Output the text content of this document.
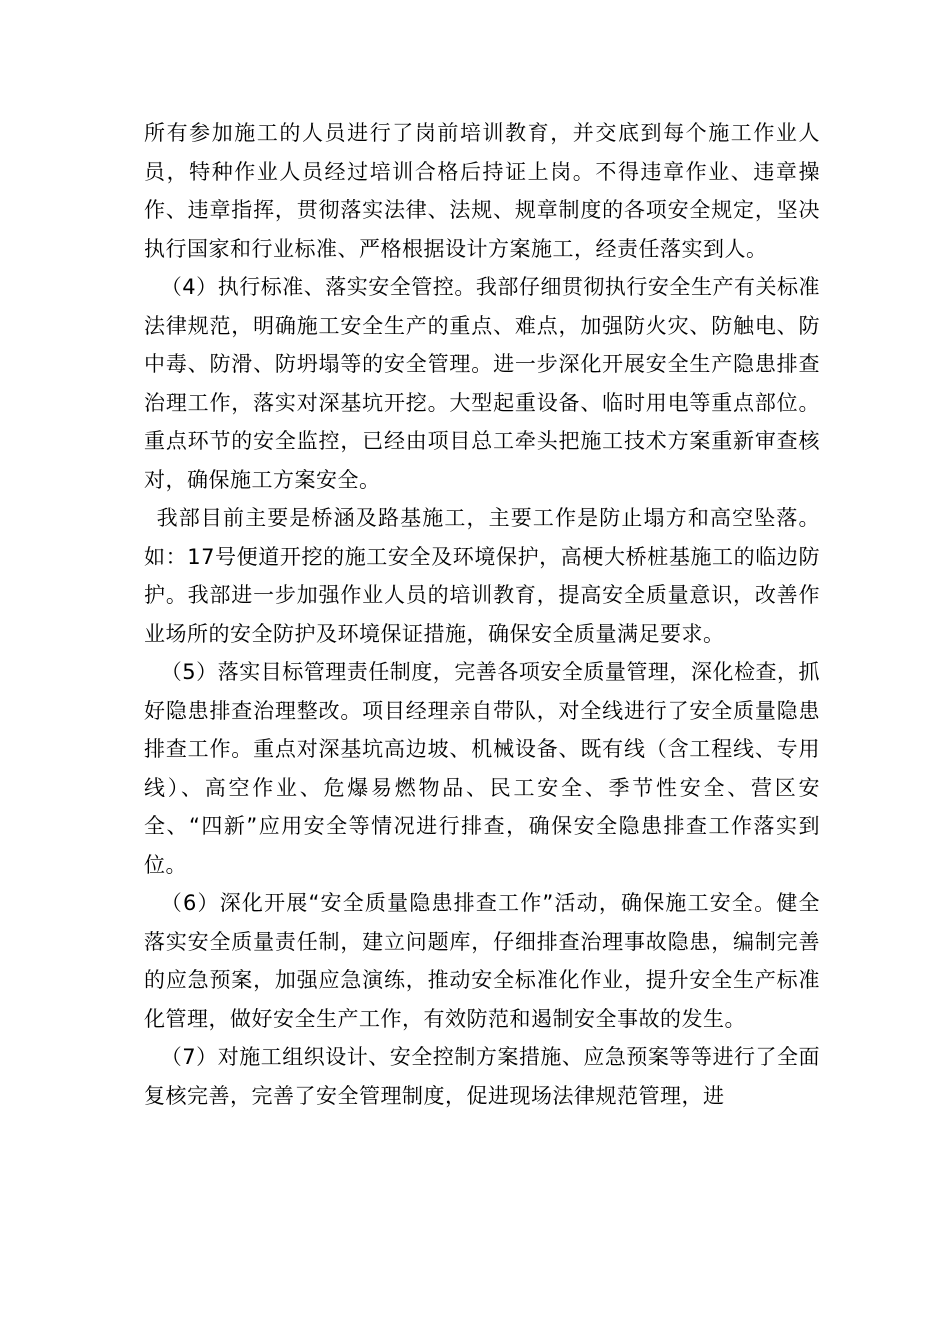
所有参加施工的人员进行了岗前培训教育，并交底到每个施工作业人员，特种作业人员经过培训合格后持证上岗。不得违章作业、违章操作、违章指挥，贯彻落实法律、法规、规章制度的各项安全规定，坚决执行国家和行业标准、严格根据设计方案施工，经责任落实到人。

（4）执行标准、落实安全管控。我部仔细贯彻执行安全生产有关标准法律规范，明确施工安全生产的重点、难点，加强防火灾、防触电、防中毒、防滑、防坍塌等的安全管理。进一步深化开展安全生产隐患排查治理工作，落实对深基坑开挖。大型起重设备、临时用电等重点部位。重点环节的安全监控，已经由项目总工牵头把施工技术方案重新审查核对，确保施工方案安全。

我部目前主要是桥涵及路基施工，主要工作是防止塌方和高空坠落。如：17号便道开挖的施工安全及环境保护，高梗大桥桩基施工的临边防护。我部进一步加强作业人员的培训教育，提高安全质量意识，改善作业场所的安全防护及环境保证措施，确保安全质量满足要求。

（5）落实目标管理责任制度，完善各项安全质量管理，深化检查，抓好隐患排查治理整改。项目经理亲自带队，对全线进行了安全质量隐患排查工作。重点对深基坑高边坡、机械设备、既有线（含工程线、专用线）、高空作业、危爆易燃物品、民工安全、季节性安全、营区安全、“四新”应用安全等情况进行排查，确保安全隐患排查工作落实到位。

（6）深化开展“安全质量隐患排查工作”活动，确保施工安全。健全落实安全质量责任制，建立问题库，仔细排查治理事故隐患，编制完善的应急预案，加强应急演练，推动安全标准化作业，提升安全生产标准化管理，做好安全生产工作，有效防范和遏制安全事故的发生。

（7）对施工组织设计、安全控制方案措施、应急预案等等进行了全面复核完善，完善了安全管理制度，促进现场法律规范管理，进
